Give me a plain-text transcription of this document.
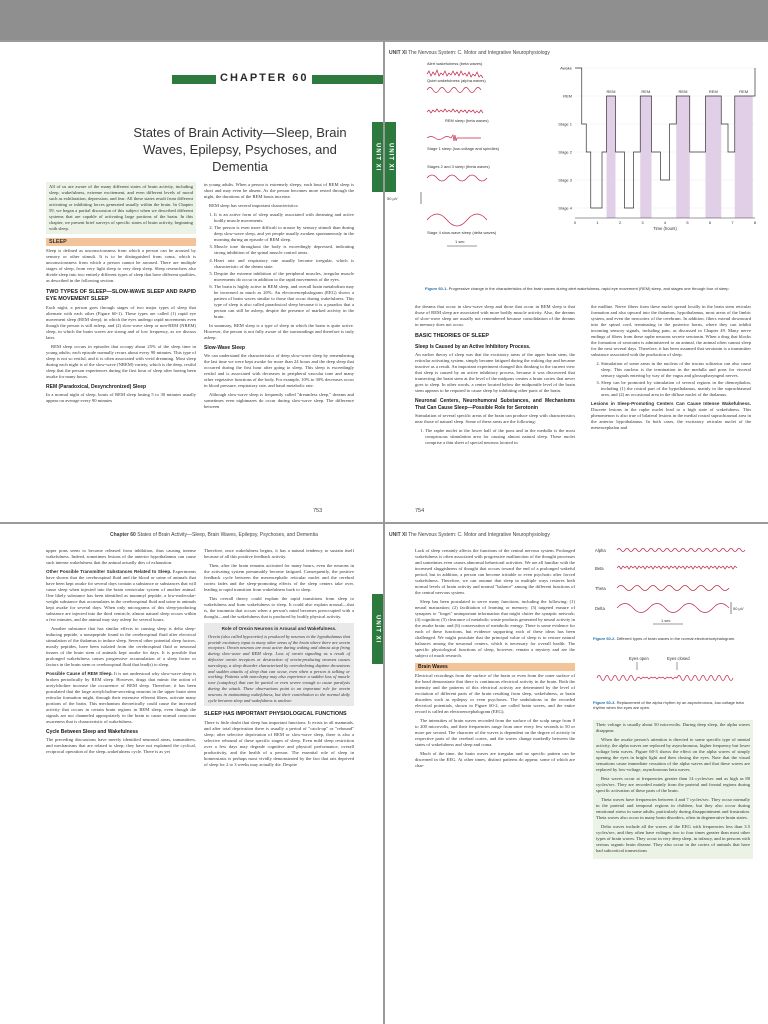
CHAPTER 60
States of Brain Activity—Sleep, Brain Waves, Epilepsy, Psychoses, and Dementia	UNIT XI

All of us are aware of the many different states of brain activity, including sleep, wakefulness, extreme excitement, and even different levels of mood such as exhilaration, depression, and fear. All these states result from different activating or inhibiting forces generated usually within the brain. In Chapter 59, we began a partial discussion of this subject when we described different systems that are capable of activating large portions of the brain. In this chapter, we present brief surveys of specific states of brain activity, beginning with sleep.

SLEEP

Sleep is defined as unconsciousness from which a person can be aroused by sensory or other stimuli. It is to be distinguished from coma, which is unconsciousness from which a person cannot be aroused. There are multiple stages of sleep, from very light sleep to very deep sleep. Sleep researchers also divide sleep into two entirely different types of sleep that have different qualities, as described in the following section.

TWO TYPES OF SLEEP—SLOW-WAVE SLEEP AND RAPID EYE MOVEMENT SLEEP

Each night, a person goes through stages of two major types of sleep that alternate with each other (Figure 60-1). These types are called (1) rapid eye movement sleep (REM sleep), in which the eyes undergo rapid movements even though the person is still asleep, and (2) slow-wave sleep or non-REM (NREM) sleep, in which the brain waves are strong and of low frequency, as we discuss later.

REM sleep occurs in episodes that occupy about 25% of the sleep time in young adults; each episode normally recurs about every 90 minutes. This type of sleep is not so restful, and it is often associated with vivid dreaming. Most sleep during each night is of the slow-wave (NREM) variety, which is the deep, restful sleep that the person experiences during the first hour of sleep after having been awake for many hours.

REM (Paradoxical, Desynchronized) Sleep

In a normal night of sleep, bouts of REM sleep lasting 5 to 30 minutes usually appear on average every 90 minutes

in young adults. When a person is extremely sleepy, each bout of REM sleep is short and may even be absent. As the person becomes more rested through the night, the durations of the REM bouts increase.

REM sleep has several important characteristics:

1. It is an active form of sleep usually associated with dreaming and active bodily muscle movements.
2. The person is even more difficult to arouse by sensory stimuli than during deep slow-wave sleep, and yet people usually awaken spontaneously in the morning during an episode of REM sleep.
3. Muscle tone throughout the body is exceedingly depressed, indicating strong inhibition of the spinal muscle control areas.
4. Heart rate and respiratory rate usually become irregular, which is characteristic of the dream state.
5. Despite the extreme inhibition of the peripheral muscles, irregular muscle movements do occur in addition to the rapid movements of the eyes.
6. The brain is highly active in REM sleep, and overall brain metabolism may be increased as much as 20%. An electroencephalogram (EEG) shows a pattern of brain waves similar to those that occur during wakefulness. This type of sleep is also called paradoxical sleep because it is a paradox that a person can still be asleep, despite the presence of marked activity in the brain.

In summary, REM sleep is a type of sleep in which the brain is quite active. However, the person is not fully aware of the surroundings and therefore is truly asleep.

Slow-Wave Sleep

We can understand the characteristics of deep slow-wave sleep by remembering the last time we were kept awake for more than 24 hours and the deep sleep that occurred during the first hour after going to sleep. This sleep is exceedingly restful and is associated with decreases in peripheral vascular tone and many other vegetative functions of the body. For example, 10% to 30% decreases occur in blood pressure, respiratory rate, and basal metabolic rate.

Although slow-wave sleep is frequently called "dreamless sleep," dreams and sometimes even nightmares do occur during slow-wave sleep. The difference between

753
UNIT XI The Nervous System: C. Motor and Integrative Neurophysiology
UNIT XI
Alert wakefulness (beta waves)
Quiet wakefulness (alpha waves)
REM sleep (beta waves)
Stage 1 sleep (low-voltage and spindles)
Stages 2 and 3 sleep (theta waves)
Stage 4 slow-wave sleep (delta waves)
50 μV
1 sec
Awake
REM
Stage 1
Stage 2
Stage 3
Stage 4
0	1	2	3	4	5	6	7	8
Time (hours)
REM	REM	REM	REM	REM
Figure 60-1. Progressive change in the characteristics of the brain waves during alert wakefulness, rapid eye movement (REM) sleep, and stages one through four of sleep.

the dreams that occur in slow-wave sleep and those that occur in REM sleep is that those of REM sleep are associated with more bodily muscle activity. Also, the dreams of slow-wave sleep are usually not remembered because consolidation of the dreams in memory does not occur.

BASIC THEORIES OF SLEEP
Sleep Is Caused by an Active Inhibitory Process.

An earlier theory of sleep was that the excitatory areas of the upper brain stem, the reticular activating system, simply became fatigued during the waking day and became inactive as a result. An important experiment changed this thinking to the current view that sleep is caused by an active inhibitory process, because it was discovered that transecting the brain stem at the level of the midpons creates a brain cortex that never goes to sleep. In other words, a center located below the midpontile level of the brain stem appears to be required to cause sleep by inhibiting other parts of the brain.

Neuronal Centers, Neurohumoral Substances, and Mechanisms That Can Cause Sleep—Possible Role for Serotonin

Stimulation of several specific areas of the brain can produce sleep with characteristics near those of natural sleep. Some of these areas are the following:

1. The raphe nuclei in the lower half of the pons and in the medulla is the most conspicuous stimulation area for causing almost natural sleep. These nuclei comprise a thin sheet of special neurons located in

the midline. Nerve fibers from these nuclei spread locally in the brain stem reticular formation and also upward into the thalamus, hypothalamus, most areas of the limbic system, and even the neocortex of the cerebrum. In addition, fibers extend downward into the spinal cord, terminating in the posterior horns, where they can inhibit incoming sensory signals, including pain, as discussed in Chapter 49. Many nerve endings of fibers from these raphe neurons secrete serotonin. When a drug that blocks the formation of serotonin is administered to an animal, the animal often cannot sleep for the next several days. Therefore, it has been assumed that serotonin is a transmitter substance associated with the production of sleep.

2. Stimulation of some areas in the nucleus of the tractus solitarius can also cause sleep. This nucleus is the termination in the medulla and pons for visceral sensory signals entering by way of the vagus and glossopharyngeal nerves.
3. Sleep can be promoted by stimulation of several regions in the diencephalon, including (1) the rostral part of the hypothalamus, mainly in the suprachiasmal area, and (2) an occasional area in the diffuse nuclei of the thalamus.

Lesions in Sleep-Promoting Centers Can Cause Intense Wakefulness. Discrete lesions in the raphe nuclei lead to a high state of wakefulness. This phenomenon is also true of bilateral lesions in the medial rostral suprachiasmal area in the anterior hypothalamus. In both cases, the excitatory reticular nuclei of the mesencephalon and

754
Chapter 60 States of Brain Activity—Sleep, Brain Waves, Epilepsy, Psychoses, and Dementia
UNIT XI

upper pons seem to become released from inhibition, thus causing intense wakefulness. Indeed, sometimes lesions of the anterior hypothalamus can cause such intense wakefulness that the animal actually dies of exhaustion.

Other Possible Transmitter Substances Related to Sleep. Experiments have shown that the cerebrospinal fluid and the blood or urine of animals that have been kept awake for several days contain a substance or substances that will cause sleep when injected into the brain ventricular system of another animal. One likely substance has been identified as muramyl peptide, a low-molecular-weight substance that accumulates in the cerebrospinal fluid and urine in animals kept awake for several days. When only micrograms of this sleep-producing substance are injected into the third ventricle, almost natural sleep occurs within a few minutes, and the animal may stay asleep for several hours.

Another substance that has similar effects in causing sleep is delta sleep-inducing peptide, a nonapeptide found in the cerebrospinal fluid after electrical stimulation of the thalamus to induce sleep. Several other potential sleep factors, mostly peptides, have been isolated from the cerebrospinal fluid or neuronal tissues of the brain stem of animals kept awake for days. It is possible that prolonged wakefulness causes progressive accumulation of a sleep factor or factors in the brain stem or cerebrospinal fluid that lead(s) to sleep.

Possible Cause of REM Sleep. It is not understood why slow-wave sleep is broken periodically by REM sleep. However, drugs that mimic the action of acetylcholine increase the occurrence of REM sleep. Therefore, it has been postulated that the large acetylcholine-secreting neurons in the upper brain stem reticular formation might, through their extensive efferent fibers, activate many portions of the brain. This mechanism theoretically could cause the increased activity that occurs in certain brain regions in REM sleep, even though the signals are not channeled appropriately in the brain to cause normal conscious awareness that is characteristic of wakefulness.

Cycle Between Sleep and Wakefulness

The preceding discussions have merely identified neuronal areas, transmitters, and mechanisms that are related to sleep; they have not explained the cyclical, reciprocal operation of the sleep–wakefulness cycle. There is as yet

Therefore, once wakefulness begins, it has a natural tendency to sustain itself because of all this positive feedback activity.

Then, after the brain remains activated for many hours, even the neurons in the activating system presumably become fatigued. Consequently, the positive feedback cycle between the mesencephalic reticular nuclei and the cerebral cortex fades and the sleep-promoting effects of the sleep centers take over, leading to rapid transition from wakefulness back to sleep.

This overall theory could explain the rapid transitions from sleep to wakefulness and from wakefulness to sleep. It could also explain arousal—that is, the insomnia that occurs when a person's mind becomes preoccupied with a thought—and the wakefulness that is produced by bodily physical activity.

Role of Orexin Neurons in Arousal and Wakefulness.
Orexin (also called hypocretin) is produced by neurons in the hypothalamus that provide excitatory input to many other areas of the brain where there are orexin receptors. Orexin neurons are most active during waking and almost stop firing during slow-wave and REM sleep. Loss of orexin signaling as a result of defective orexin receptors or destruction of orexin-producing neurons causes narcolepsy, a sleep disorder characterized by overwhelming daytime drowsiness and sudden attacks of sleep that can occur, even when a person is talking or working. Patients with narcolepsy may also experience a sudden loss of muscle tone (cataplexy) that can be partial or even severe enough to cause paralysis during the attack. These observations point to an important role for orexin neurons in maintaining wakefulness, but their contribution to the normal daily cycle between sleep and wakefulness is unclear.
SLEEP HAS IMPORTANT PHYSIOLOGICAL FUNCTIONS

There is little doubt that sleep has important functions. It exists in all mammals, and after total deprivation there is usually a period of "catch-up" or "rebound" sleep; after selective deprivation of REM or slow-wave sleep, there is also a selective rebound of these specific stages of sleep. Even mild sleep restriction over a few days may degrade cognitive and physical performance, overall productivity, and the health of a person. The essential role of sleep in homeostasis is perhaps most vividly demonstrated by the fact that rats deprived of sleep for 2 to 3 weeks may actually die. Despite

UNIT XI The Nervous System: C. Motor and Integrative Neurophysiology

Lack of sleep certainly affects the functions of the central nervous system. Prolonged wakefulness is often associated with progressive malfunction of the thought processes and sometimes even causes abnormal behavioral activities. We are all familiar with the increased sluggishness of thought that occurs toward the end of a prolonged wakeful period, but in addition, a person can become irritable or even psychotic after forced wakefulness. Therefore, we can assume that sleep in multiple ways restores both normal levels of brain activity and normal "balance" among the different functions of the central nervous system.

Sleep has been postulated to serve many functions, including the following: (1) neural maturation; (2) facilitation of learning or memory; (3) targeted erasure of synapses to "forget" unimportant information that might clutter the synaptic network; (4) cognition; (5) clearance of metabolic waste products generated by neural activity in the awake brain; and (6) conservation of metabolic energy. There is some evidence for each of these functions, but evidence supporting each of these ideas has been challenged. We might postulate that the principal value of sleep is to restore natural balances among the neuronal centers, which is necessary for overall health. The specific physiological functions of sleep, however, remain a mystery and are the subject of much research.

Brain Waves

Electrical recordings from the surface of the brain or even from the outer surface of the head demonstrate that there is continuous electrical activity in the brain. Both the intensity and the patterns of this electrical activity are determined by the level of excitation of different parts of the brain resulting from sleep, wakefulness, or brain disorders such as epilepsy or even psychoses. The undulations in the recorded electrical potentials, shown in Figure 60-2, are called brain waves, and the entire record is called an electroencephalogram (EEG).

The intensities of brain waves recorded from the surface of the scalp range from 0 to 200 microvolts, and their frequencies range from once every few seconds to 50 or more per second. The character of the waves is dependent on the degree of activity in respective parts of the cerebral cortex, and the waves change markedly between the states of wakefulness and sleep and coma.

Much of the time, the brain waves are irregular and no specific pattern can be discerned in the EEG. At other times, distinct patterns do appear, some of which are char-

Alpha
Beta
Theta
Delta	50 μV
1 sec
Figure 60-2. Different types of brain waves in the normal electroencephalogram.
Eyes open	Eyes closed
Figure 60-3. Replacement of the alpha rhythm by an asynchronous, low-voltage beta rhythm when the eyes are open.

Their voltage is usually about 50 microvolts. During deep sleep, the alpha waves disappear.

When the awake person's attention is directed to some specific type of mental activity, the alpha waves are replaced by asynchronous, higher frequency but lower voltage beta waves. Figure 60-3 shows the effect on the alpha waves of simply opening the eyes in bright light and then closing the eyes. Note that the visual sensations cause immediate cessation of the alpha waves and that these waves are replaced by low-voltage, asynchronous beta waves.

Beta waves occur at frequencies greater than 14 cycles/sec and as high as 80 cycles/sec. They are recorded mainly from the parietal and frontal regions during specific activation of these parts of the brain.

Theta waves have frequencies between 4 and 7 cycles/sec. They occur normally in the parietal and temporal regions in children, but they also occur during emotional stress in some adults, particularly during disappointment and frustration. Theta waves also occur in many brain disorders, often in degenerative brain states.

Delta waves include all the waves of the EEG with frequencies less than 3.5 cycles/sec, and they often have voltages two to four times greater than most other types of brain waves. They occur in very deep sleep, in infancy, and in persons with serious organic brain disease. They also occur in the cortex of animals that have had subcortical transections
